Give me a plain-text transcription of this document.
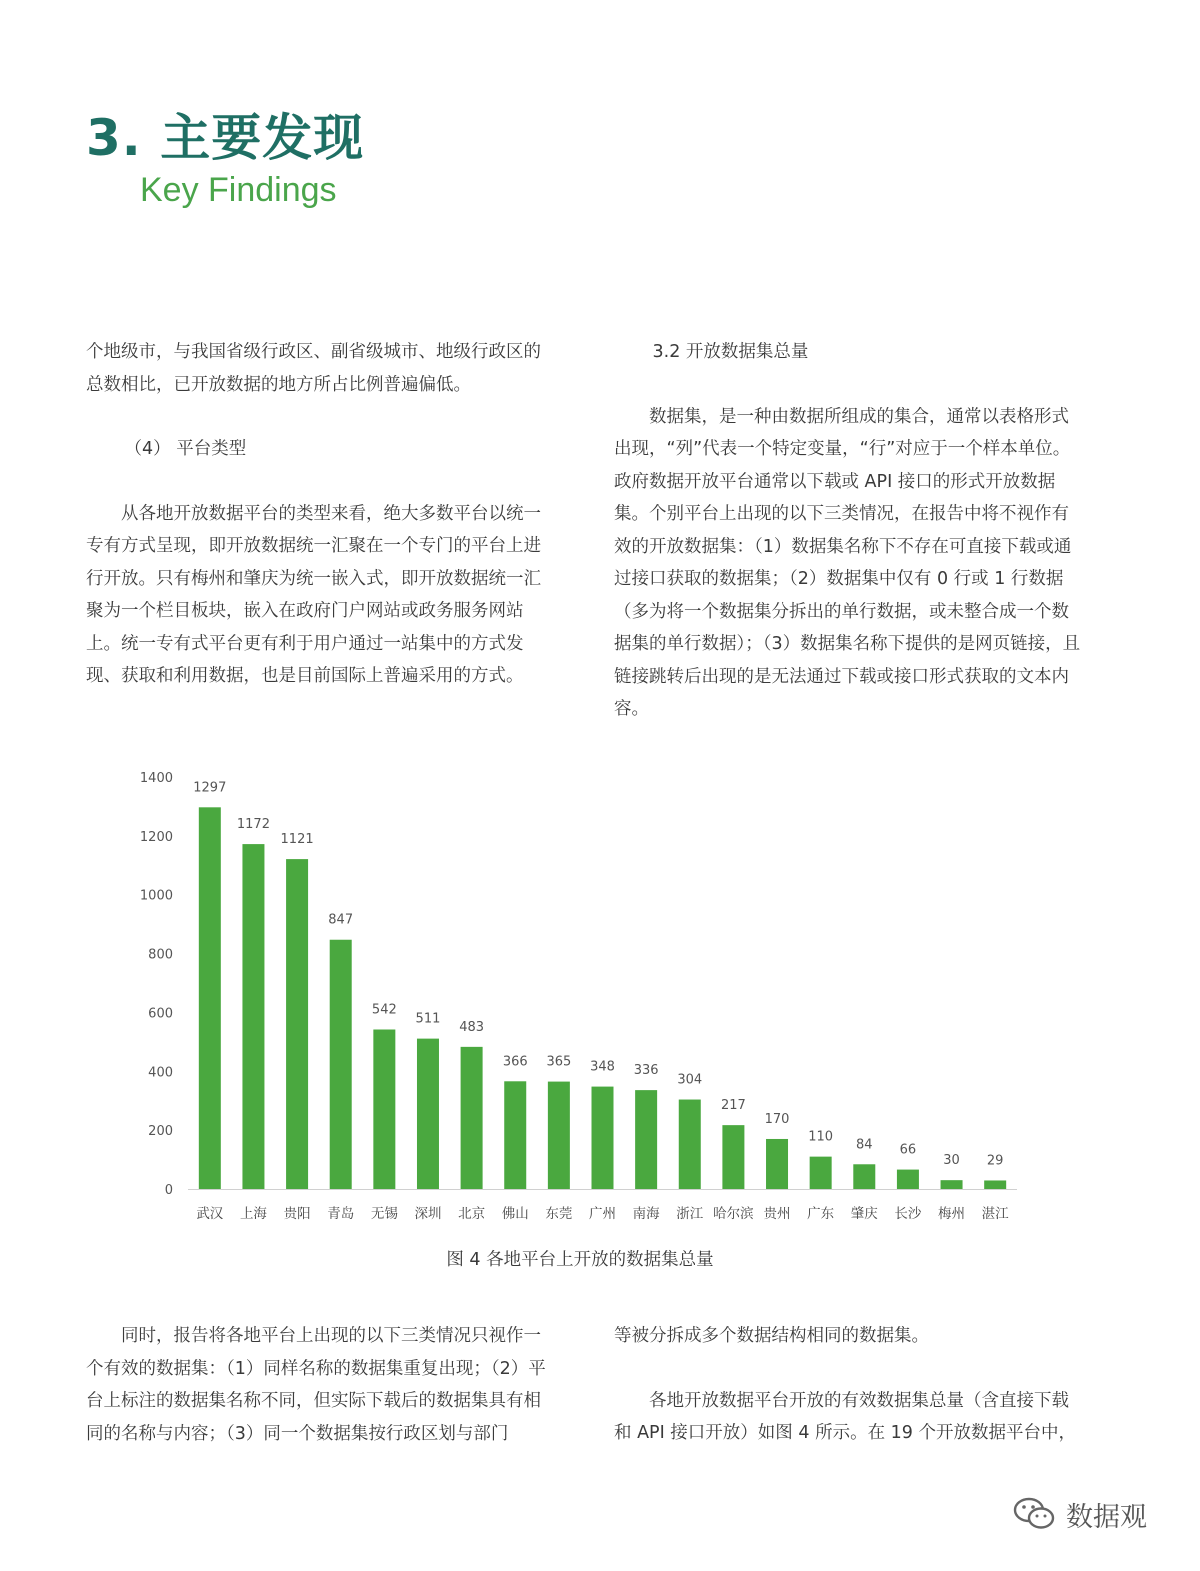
3. 主要发现
Key Findings

个地级市，与我国省级行政区、副省级城市、地级行政区的总数相比，已开放数据的地方所占比例普遍偏低。

（4） 平台类型

从各地开放数据平台的类型来看，绝大多数平台以统一专有方式呈现，即开放数据统一汇聚在一个专门的平台上进行开放。只有梅州和肇庆为统一嵌入式，即开放数据统一汇聚为一个栏目板块，嵌入在政府门户网站或政务服务网站上。统一专有式平台更有利于用户通过一站集中的方式发现、获取和利用数据，也是目前国际上普遍采用的方式。

3.2 开放数据集总量

数据集，是一种由数据所组成的集合，通常以表格形式出现，“列”代表一个特定变量，“行”对应于一个样本单位。政府数据开放平台通常以下载或 API 接口的形式开放数据集。个别平台上出现的以下三类情况，在报告中将不视作有效的开放数据集：（1）数据集名称下不存在可直接下载或通过接口获取的数据集；（2）数据集中仅有 0 行或 1 行数据（多为将一个数据集分拆出的单行数据，或未整合成一个数据集的单行数据）；（3）数据集名称下提供的是网页链接，且链接跳转后出现的是无法通过下载或接口形式获取的文本内容。

0
200
400
600
800
1000
1200
1400
1297
武汉
1172
上海
1121
贵阳
847
青岛
542
无锡
511
深圳
483
北京
366
佛山
365
东莞
348
广州
336
南海
304
浙江
217
哈尔滨
170
贵州
110
广东
84
肇庆
66
长沙
30
梅州
29
湛江
图 4 各地平台上开放的数据集总量

同时，报告将各地平台上出现的以下三类情况只视作一个有效的数据集：（1）同样名称的数据集重复出现；（2）平台上标注的数据集名称不同，但实际下载后的数据集具有相同的名称与内容；（3）同一个数据集按行政区划与部门

等被分拆成多个数据结构相同的数据集。

各地开放数据平台开放的有效数据集总量（含直接下载和 API 接口开放）如图 4 所示。在 19 个开放数据平台中，

数据观
